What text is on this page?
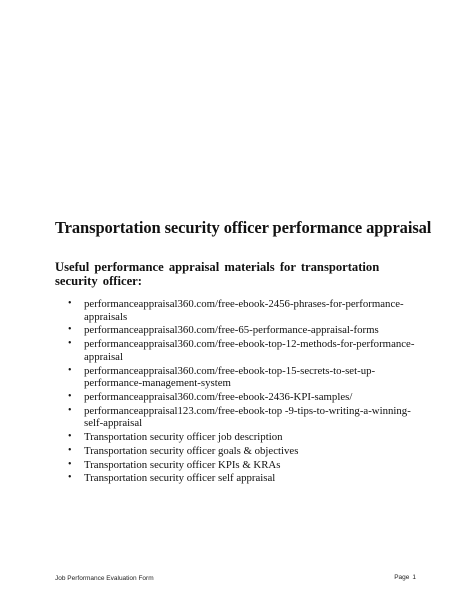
Transportation security officer performance appraisal
Useful performance appraisal materials for transportation security officer:
• performanceappraisal360.com/free-ebook-2456-phrases-for-performance-appraisals
• performanceappraisal360.com/free-65-performance-appraisal-forms
• performanceappraisal360.com/free-ebook-top-12-methods-for-performance-appraisal
• performanceappraisal360.com/free-ebook-top-15-secrets-to-set-up-performance-management-system
• performanceappraisal360.com/free-ebook-2436-KPI-samples/
• performanceappraisal123.com/free-ebook-top -9-tips-to-writing-a-winning-self-appraisal
• Transportation security officer job description
• Transportation security officer goals & objectives
• Transportation security officer KPIs & KRAs
• Transportation security officer self appraisal
Job Performance Evaluation Form	Page 1
